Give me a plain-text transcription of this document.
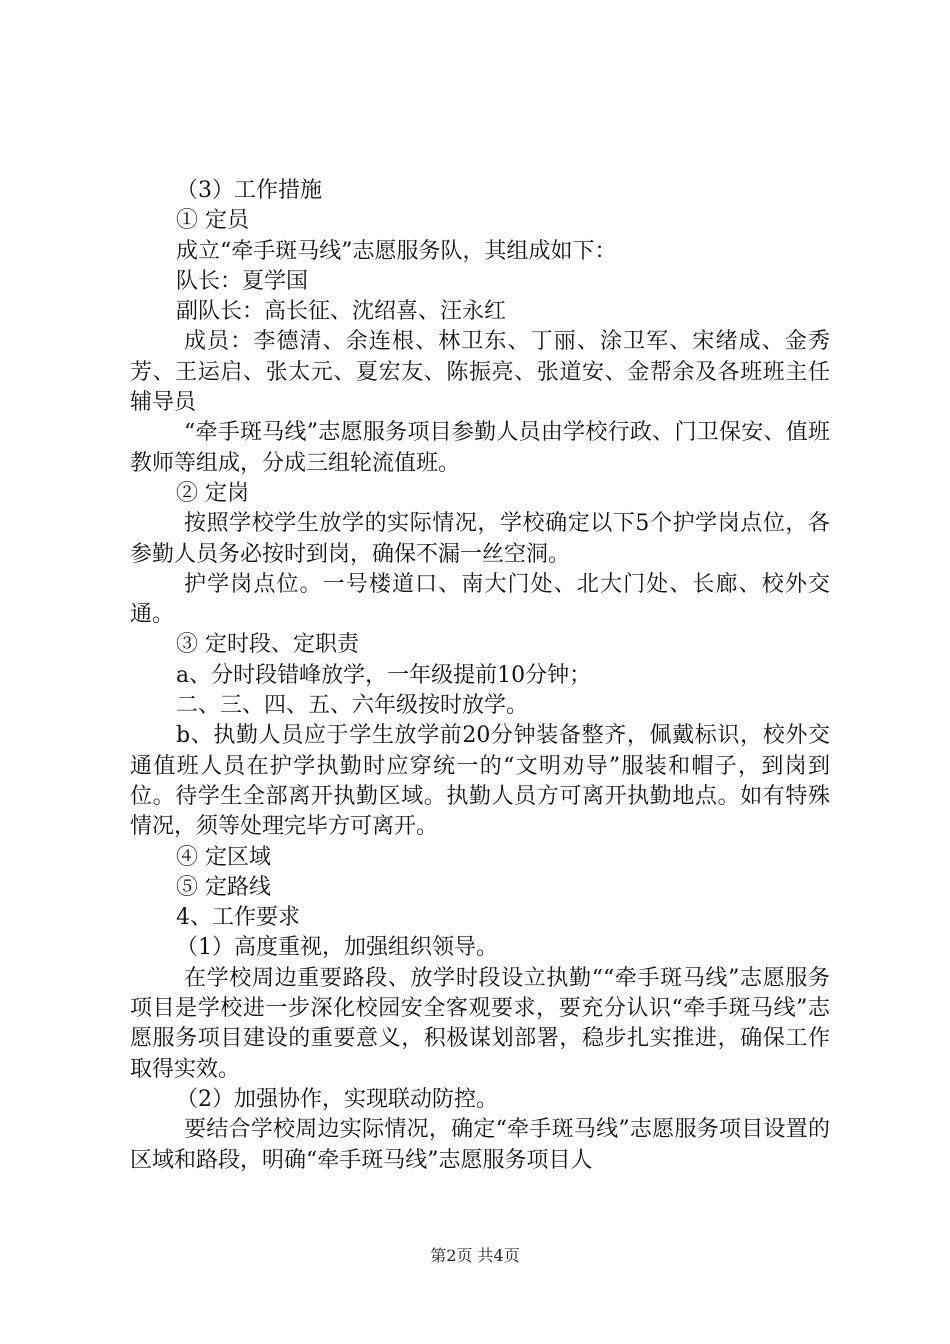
（3）工作措施

① 定员

成立“牵手斑马线”志愿服务队，其组成如下：

队长：夏学国

副队长：高长征、沈绍喜、汪永红

成员：李德清、余连根、林卫东、丁丽、涂卫军、宋绪成、金秀芳、王运启、张太元、夏宏友、陈振亮、张道安、金帮余及各班班主任辅导员

“牵手斑马线”志愿服务项目参勤人员由学校行政、门卫保安、值班教师等组成，分成三组轮流值班。

② 定岗

按照学校学生放学的实际情况，学校确定以下5个护学岗点位，各参勤人员务必按时到岗，确保不漏一丝空洞。

护学岗点位。一号楼道口、南大门处、北大门处、长廊、校外交通。

③ 定时段、定职责

a、分时段错峰放学，一年级提前10分钟；

二、三、四、五、六年级按时放学。

b、执勤人员应于学生放学前20分钟装备整齐，佩戴标识，校外交通值班人员在护学执勤时应穿统一的“文明劝导”服装和帽子，到岗到位。待学生全部离开执勤区域。执勤人员方可离开执勤地点。如有特殊情况，须等处理完毕方可离开。

④ 定区域

⑤ 定路线

4、工作要求

（1）高度重视，加强组织领导。

在学校周边重要路段、放学时段设立执勤““牵手斑马线”志愿服务项目是学校进一步深化校园安全客观要求，要充分认识“牵手斑马线”志愿服务项目建设的重要意义，积极谋划部署，稳步扎实推进，确保工作取得实效。

（2）加强协作，实现联动防控。

要结合学校周边实际情况，确定“牵手斑马线”志愿服务项目设置的区域和路段，明确“牵手斑马线”志愿服务项目人

第2页 共4页
